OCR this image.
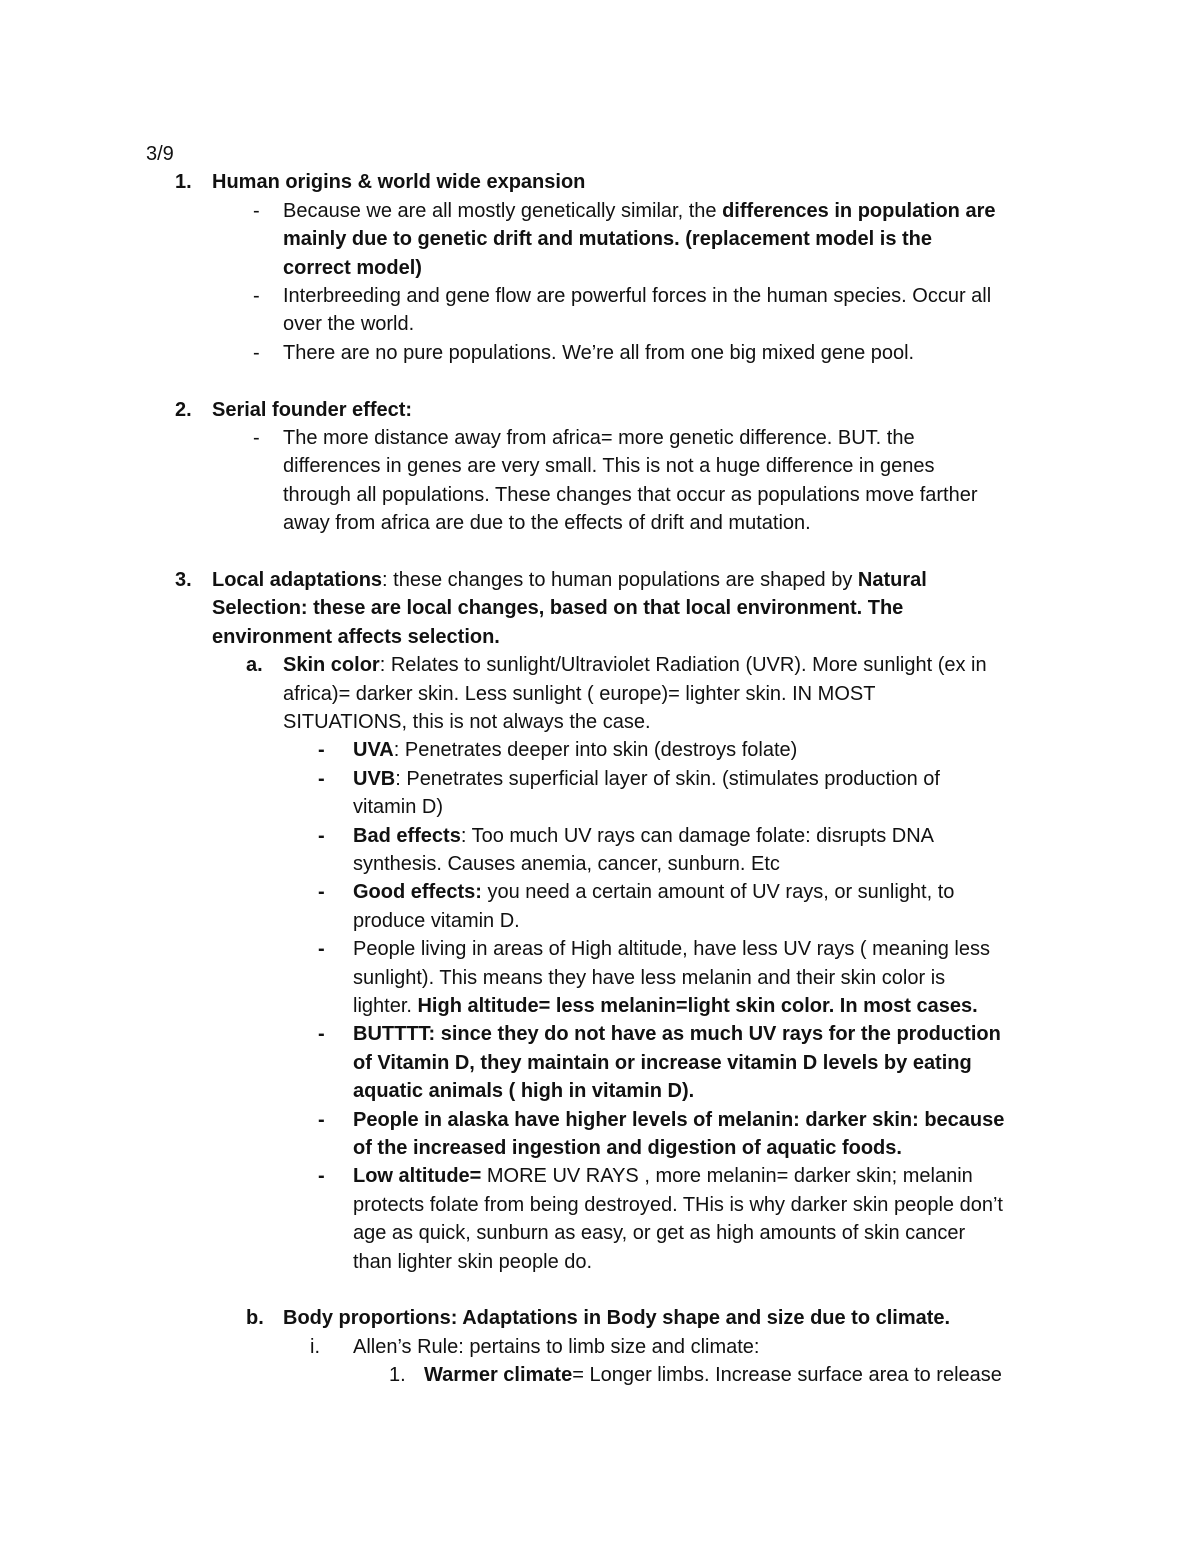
3/9
1. Human origins & world wide expansion
- Because we are all mostly genetically similar, the differences in population are
mainly due to genetic drift and mutations. (replacement model is the
correct model)
- Interbreeding and gene flow are powerful forces in the human species. Occur all
over the world.
- There are no pure populations. We’re all from one big mixed gene pool.
2. Serial founder effect:
- The more distance away from africa= more genetic difference. BUT. the
differences in genes are very small. This is not a huge difference in genes
through all populations. These changes that occur as populations move farther
away from africa are due to the effects of drift and mutation.
3. Local adaptations: these changes to human populations are shaped by Natural
Selection: these are local changes, based on that local environment. The
environment affects selection.
a. Skin color: Relates to sunlight/Ultraviolet Radiation (UVR). More sunlight (ex in
africa)= darker skin. Less sunlight ( europe)= lighter skin. IN MOST
SITUATIONS, this is not always the case.
- UVA: Penetrates deeper into skin (destroys folate)
- UVB: Penetrates superficial layer of skin. (stimulates production of
vitamin D)
- Bad effects: Too much UV rays can damage folate: disrupts DNA
synthesis. Causes anemia, cancer, sunburn. Etc
- Good effects: you need a certain amount of UV rays, or sunlight, to
produce vitamin D.
- People living in areas of High altitude, have less UV rays ( meaning less
sunlight). This means they have less melanin and their skin color is
lighter. High altitude= less melanin=light skin color. In most cases.
- BUTTTT: since they do not have as much UV rays for the production
of Vitamin D, they maintain or increase vitamin D levels by eating
aquatic animals ( high in vitamin D).
- People in alaska have higher levels of melanin: darker skin: because
of the increased ingestion and digestion of aquatic foods.
- Low altitude= MORE UV RAYS , more melanin= darker skin; melanin
protects folate from being destroyed. THis is why darker skin people don’t
age as quick, sunburn as easy, or get as high amounts of skin cancer
than lighter skin people do.
b. Body proportions: Adaptations in Body shape and size due to climate.
i. Allen’s Rule: pertains to limb size and climate:
1. Warmer climate= Longer limbs. Increase surface area to release
